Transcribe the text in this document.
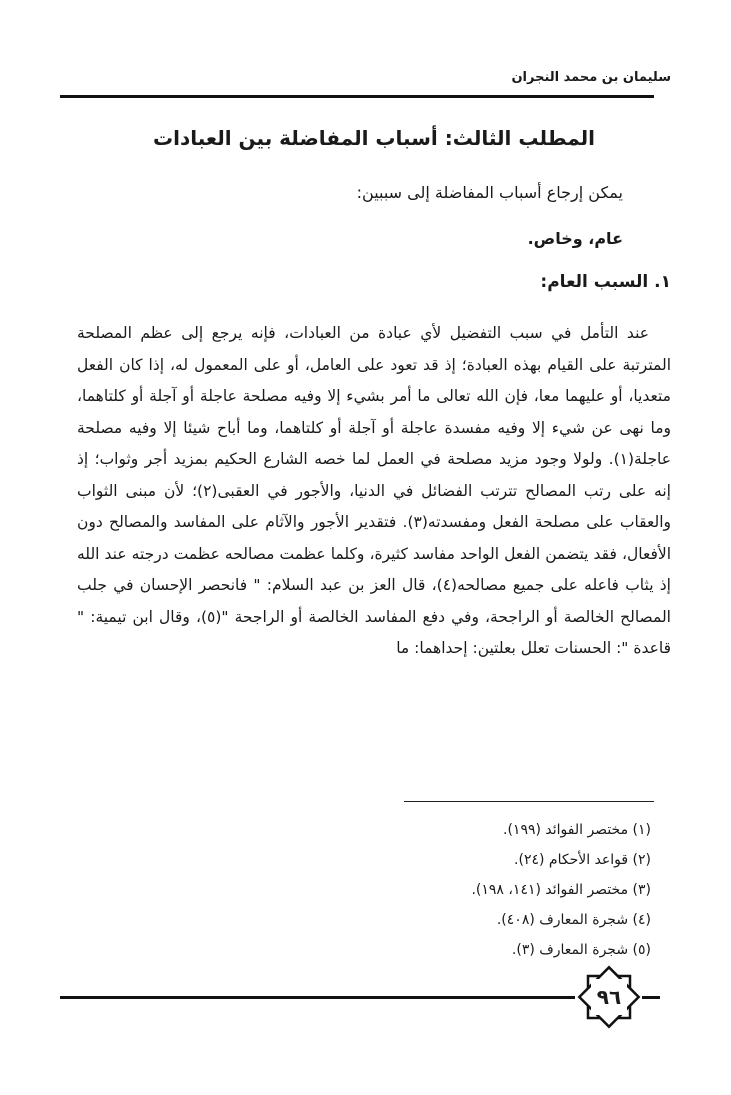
سليمان بن محمد النجران
المطلب الثالث: أسباب المفاضلة بين العبادات
يمكن إرجاع أسباب المفاضلة إلى سببين:
عام، وخاص.
١. السبب العام:

عند التأمل في سبب التفضيل لأي عبادة من العبادات، فإنه يرجع إلى عظم المصلحة المترتبة على القيام بهذه العبادة؛ إذ قد تعود على العامل، أو على المعمول له، إذا كان الفعل متعديا، أو عليهما معا، فإن الله تعالى ما أمر بشيء إلا وفيه مصلحة عاجلة أو آجلة أو كلتاهما، وما نهى عن شيء إلا وفيه مفسدة عاجلة أو آجلة أو كلتاهما، وما أباح شيئا إلا وفيه مصلحة عاجلة(١). ولولا وجود مزيد مصلحة في العمل لما خصه الشارع الحكيم بمزيد أجر وثواب؛ إذ إنه على رتب المصالح تترتب الفضائل في الدنيا، والأجور في العقبى(٢)؛ لأن مبنى الثواب والعقاب على مصلحة الفعل ومفسدته(٣). فتقدير الأجور والآثام على المفاسد والمصالح دون الأفعال، فقد يتضمن الفعل الواحد مفاسد كثيرة، وكلما عظمت مصالحه عظمت درجته عند الله إذ يثاب فاعله على جميع مصالحه(٤)، قال العز بن عبد السلام: " فانحصر الإحسان في جلب المصالح الخالصة أو الراجحة، وفي دفع المفاسد الخالصة أو الراجحة "(٥)، وقال ابن تيمية: " قاعدة ": الحسنات تعلل بعلتين: إحداهما: ما

(١) مختصر الفوائد (١٩٩).
(٢) قواعد الأحكام (٢٤).
(٣) مختصر الفوائد (١٤١، ١٩٨).
(٤) شجرة المعارف (٤٠٨).
(٥) شجرة المعارف (٣).
٩٦
